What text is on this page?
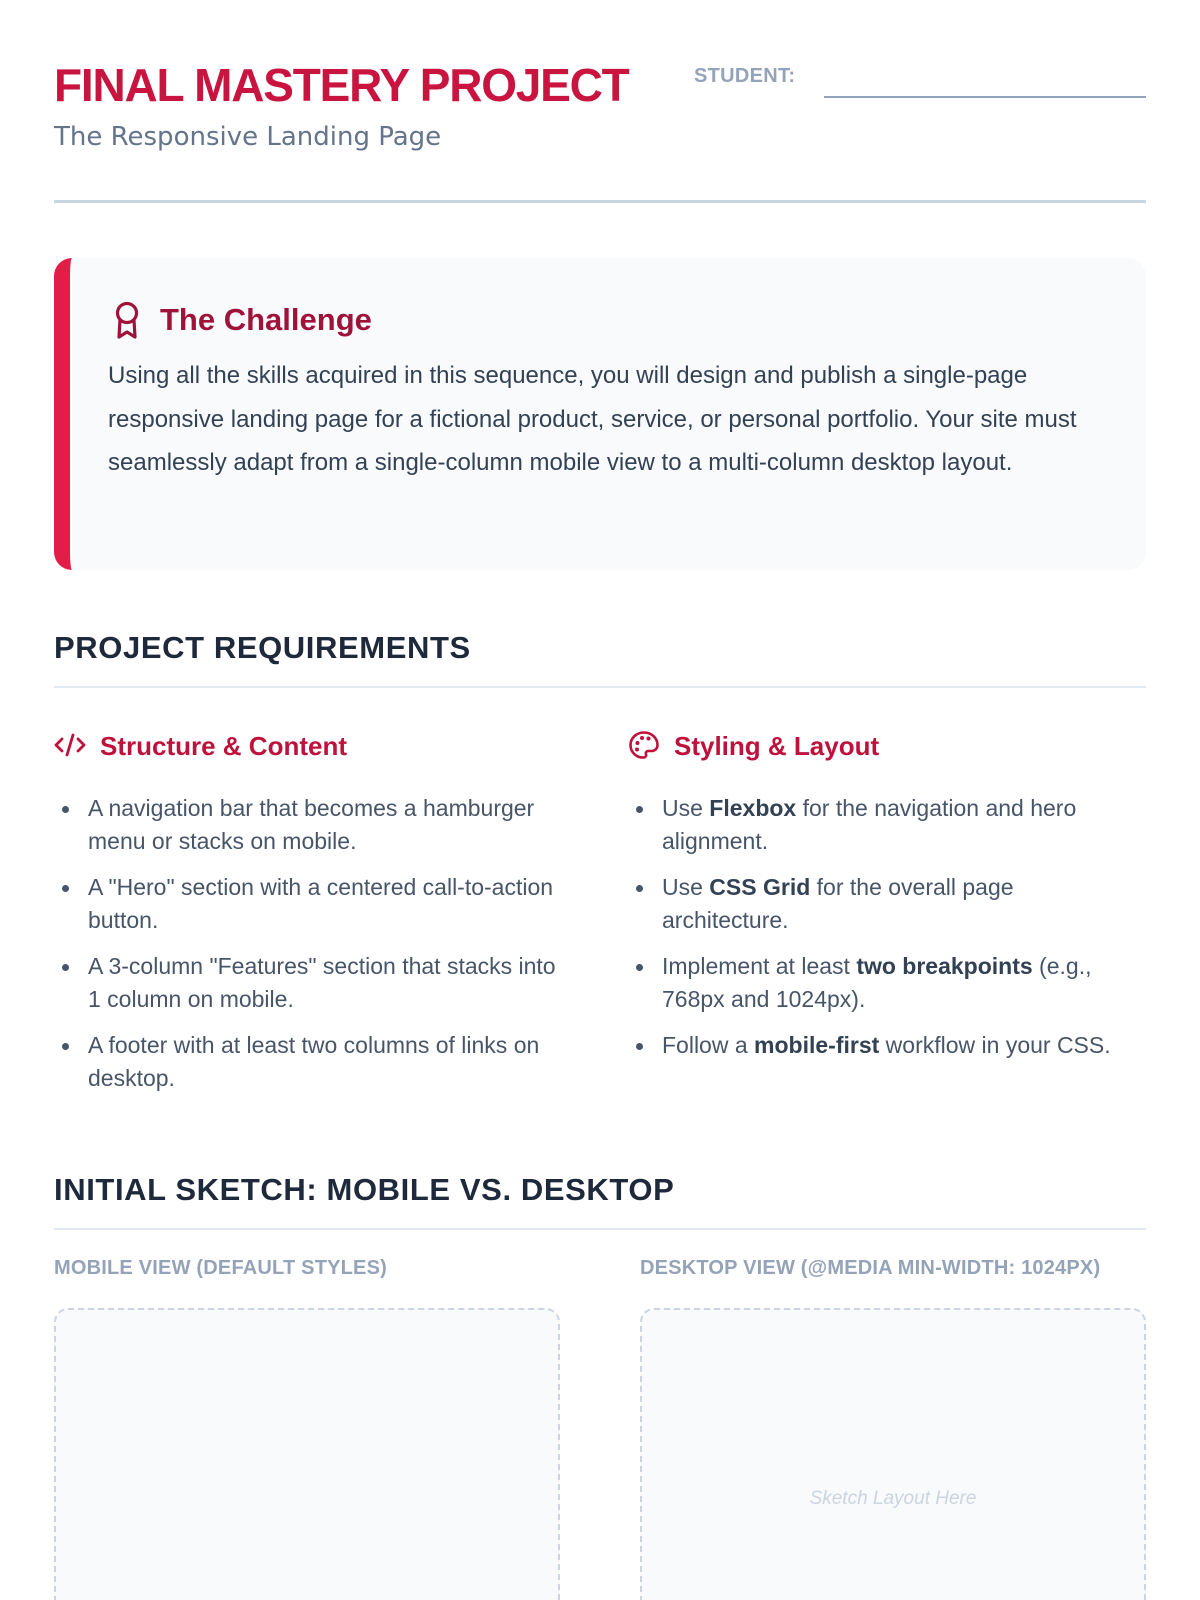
FINAL MASTERY PROJECT
The Responsive Landing Page
STUDENT:
The Challenge

Using all the skills acquired in this sequence, you will design and publish a single-page responsive landing page for a fictional product, service, or personal portfolio. Your site must seamlessly adapt from a single-column mobile view to a multi-column desktop layout.

PROJECT REQUIREMENTS
Structure & Content
A navigation bar that becomes a hamburger menu or stacks on mobile.
A "Hero" section with a centered call-to-action button.
A 3-column "Features" section that stacks into 1 column on mobile.
A footer with at least two columns of links on desktop.
Styling & Layout
Use Flexbox for the navigation and hero alignment.
Use CSS Grid for the overall page architecture.
Implement at least two breakpoints (e.g., 768px and 1024px).
Follow a mobile-first workflow in your CSS.
INITIAL SKETCH: MOBILE VS. DESKTOP
MOBILE VIEW (DEFAULT STYLES)	DESKTOP VIEW (@MEDIA MIN-WIDTH: 1024PX)
Sketch Layout Here
